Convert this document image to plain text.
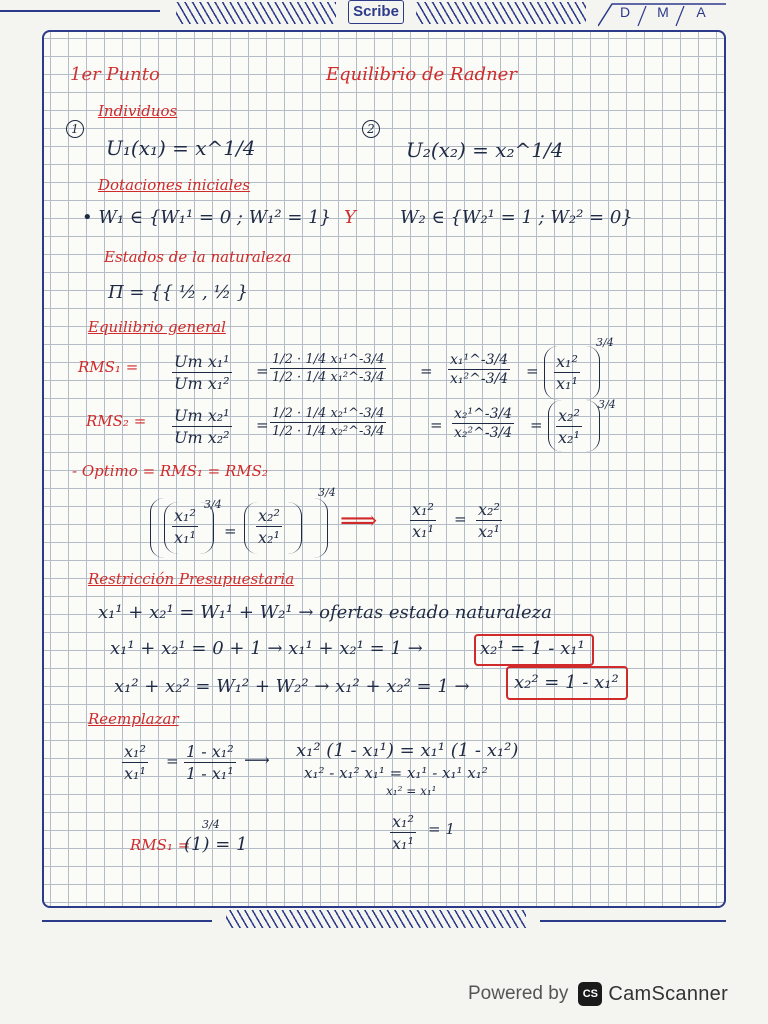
Scribe	D	M	A
1er Punto	Equilibrio de Radner
Individuos
1
U₁(x₁) = x^1/4
2
U₂(x₂) = x₂^1/4
Dotaciones iniciales
• W₁ ∈ {W₁¹ = 0 ; W₁² = 1} Y W₂ ∈ {W₂¹ = 1 ; W₂² = 0}
Estados de la naturaleza
Π = {{ ½ , ½ }
Equilibrio general
$RMS_1 = \frac{\text{Um x₁¹}}{\text{Um x₁²}} = \frac{\text{1/2 · 1/4 x₁¹\textasciicircum{}-3/4}}{\text{1/2 · 1/4 x₁²\textasciicircum{}-3/4}} = \frac{\text{x₁¹\textasciicircum{}-3/4}}{\text{x₁²\textasciicircum{}-3/4}} = \frac{\text{x₁²}}{\text{x₁¹}}$
3/4
$RMS_2 = \frac{\text{Um x₂¹}}{\text{Um x₂²}} = \frac{\text{1/2 · 1/4 x₂¹\textasciicircum{}-3/4}}{\text{1/2 · 1/4 x₂²\textasciicircum{}-3/4}}$	= $\frac{\text{x₂¹\textasciicircum{}-3/4}}{\text{x₂²\textasciicircum{}-3/4}} = \frac{\text{x₂²}}{\text{x₂¹}}$
3/4
- Optimo = RMS₁ = RMS₂
$\frac{\text{x₁²}}{\text{x₁¹}}$
3/4
= $\frac{\text{x₂²}}{\text{x₂¹}}$
3/4
⟹ $\frac{\text{x₁²}}{\text{x₁¹}} = \frac{\text{x₂²}}{\text{x₂¹}}$
Restricción Presupuestaria
x₁¹ + x₂¹ = W₁¹ + W₂¹ → ofertas estado naturaleza
x₁¹ + x₂¹ = 0 + 1 → x₁¹ + x₂¹ = 1 →	x₂¹ = 1 - x₁¹
x₁² + x₂² = W₁² + W₂² → x₁² + x₂² = 1 → x₂² = 1 - x₁²
Reemplazar
$\frac{\text{x₁²}}{\text{x₁¹}} = \frac{\text{1 - x₁²}}{\text{1 - x₁¹}}$ ⟶ x₁² (1 - x₁¹) = x₁¹ (1 - x₁²)
x₁² - x₁² x₁¹ = x₁¹ - x₁¹ x₁²
x₁² = x₁¹
$\frac{\text{x₁²}}{\text{x₁¹}} = 1$
RMS₁ =
(1) = 1
3/4
Powered by	CS CamScanner
